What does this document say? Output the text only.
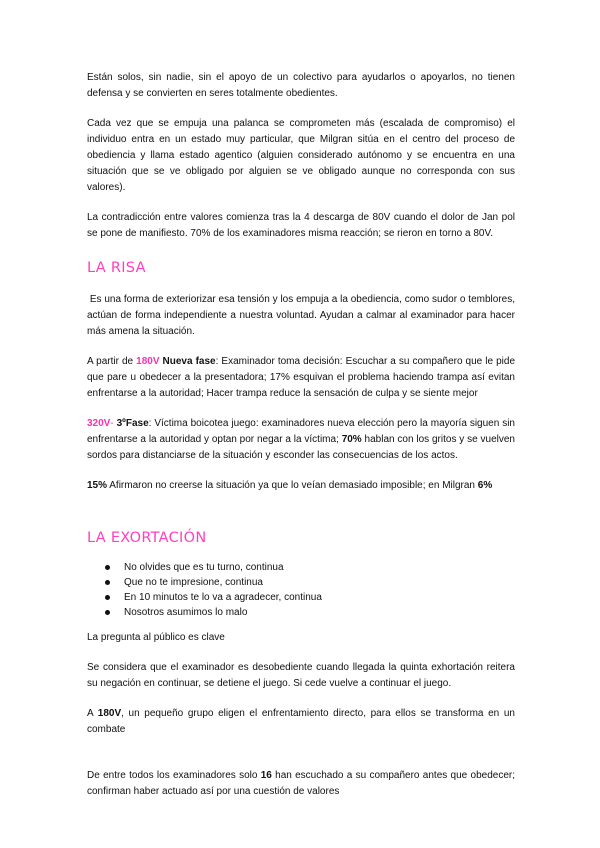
Están solos, sin nadie, sin el apoyo de un colectivo para ayudarlos o apoyarlos, no tienen defensa y se convierten en seres totalmente obedientes.

Cada vez que se empuja una palanca se comprometen más (escalada de compromiso) el individuo entra en un estado muy particular, que Milgran sitúa en el centro del proceso de obediencia y llama estado agentico (alguien considerado autónomo y se encuentra en una situación que se ve obligado por alguien se ve obligado aunque no corresponda con sus valores).

La contradicción entre valores comienza tras la 4 descarga de 80V cuando el dolor de Jan pol se pone de manifiesto. 70% de los examinadores misma reacción; se rieron en torno a 80V.

LA RISA

Es una forma de exteriorizar esa tensión y los empuja a la obediencia, como sudor o temblores, actúan de forma independiente a nuestra voluntad. Ayudan a calmar al examinador para hacer más amena la situación.

A partir de 180V Nueva fase: Examinador toma decisión: Escuchar a su compañero que le pide que pare u obedecer a la presentadora; 17% esquivan el problema haciendo trampa así evitan enfrentarse a la autoridad; Hacer trampa reduce la sensación de culpa y se siente mejor

320V- 3ºFase: Víctima boicotea juego: examinadores nueva elección pero la mayoría siguen sin enfrentarse a la autoridad y optan por negar a la víctima; 70% hablan con los gritos y se vuelven sordos para distanciarse de la situación y esconder las consecuencias de los actos.

15% Afirmaron no creerse la situación ya que lo veían demasiado imposible; en Milgran 6%

LA EXORTACIÓN
No olvides que es tu turno, continua
Que no te impresione, continua
En 10 minutos te lo va a agradecer, continua
Nosotros asumimos lo malo

La pregunta al público es clave

Se considera que el examinador es desobediente cuando llegada la quinta exhortación reitera su negación en continuar, se detiene el juego. Si cede vuelve a continuar el juego.

A 180V, un pequeño grupo eligen el enfrentamiento directo, para ellos se transforma en un combate

De entre todos los examinadores solo 16 han escuchado a su compañero antes que obedecer; confirman haber actuado así por una cuestión de valores
